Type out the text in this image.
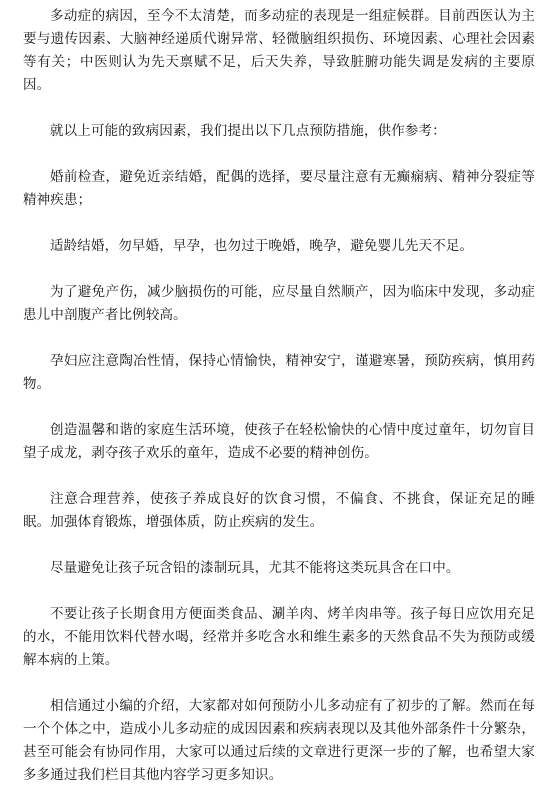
多动症的病因，至今不太清楚，而多动症的表现是一组症候群。目前西医认为主要与遗传因素、大脑神经递质代谢异常、轻微脑组织损伤、环境因素、心理社会因素等有关；中医则认为先天禀赋不足，后天失养，导致脏腑功能失调是发病的主要原因。

就以上可能的致病因素，我们提出以下几点预防措施，供作参考：

婚前检查，避免近亲结婚，配偶的选择，要尽量注意有无癫痫病、精神分裂症等精神疾患；

适龄结婚，勿早婚，早孕，也勿过于晚婚，晚孕，避免婴儿先天不足。

为了避免产伤，减少脑损伤的可能，应尽量自然顺产，因为临床中发现，多动症患儿中剖腹产者比例较高。

孕妇应注意陶冶性情，保持心情愉快，精神安宁，谨避寒暑，预防疾病，慎用药物。

创造温馨和谐的家庭生活环境，使孩子在轻松愉快的心情中度过童年，切勿盲目望子成龙，剥夺孩子欢乐的童年，造成不必要的精神创伤。

注意合理营养，使孩子养成良好的饮食习惯，不偏食、不挑食，保证充足的睡眠。加强体育锻炼，增强体质，防止疾病的发生。

尽量避免让孩子玩含铅的漆制玩具，尤其不能将这类玩具含在口中。

不要让孩子长期食用方便面类食品、涮羊肉、烤羊肉串等。孩子每日应饮用充足的水，不能用饮料代替水喝，经常并多吃含水和维生素多的天然食品不失为预防或缓解本病的上策。

相信通过小编的介绍，大家都对如何预防小儿多动症有了初步的了解。然而在每一个个体之中，造成小儿多动症的成因因素和疾病表现以及其他外部条件十分繁杂，甚至可能会有协同作用，大家可以通过后续的文章进行更深一步的了解，也希望大家多多通过我们栏目其他内容学习更多知识。
